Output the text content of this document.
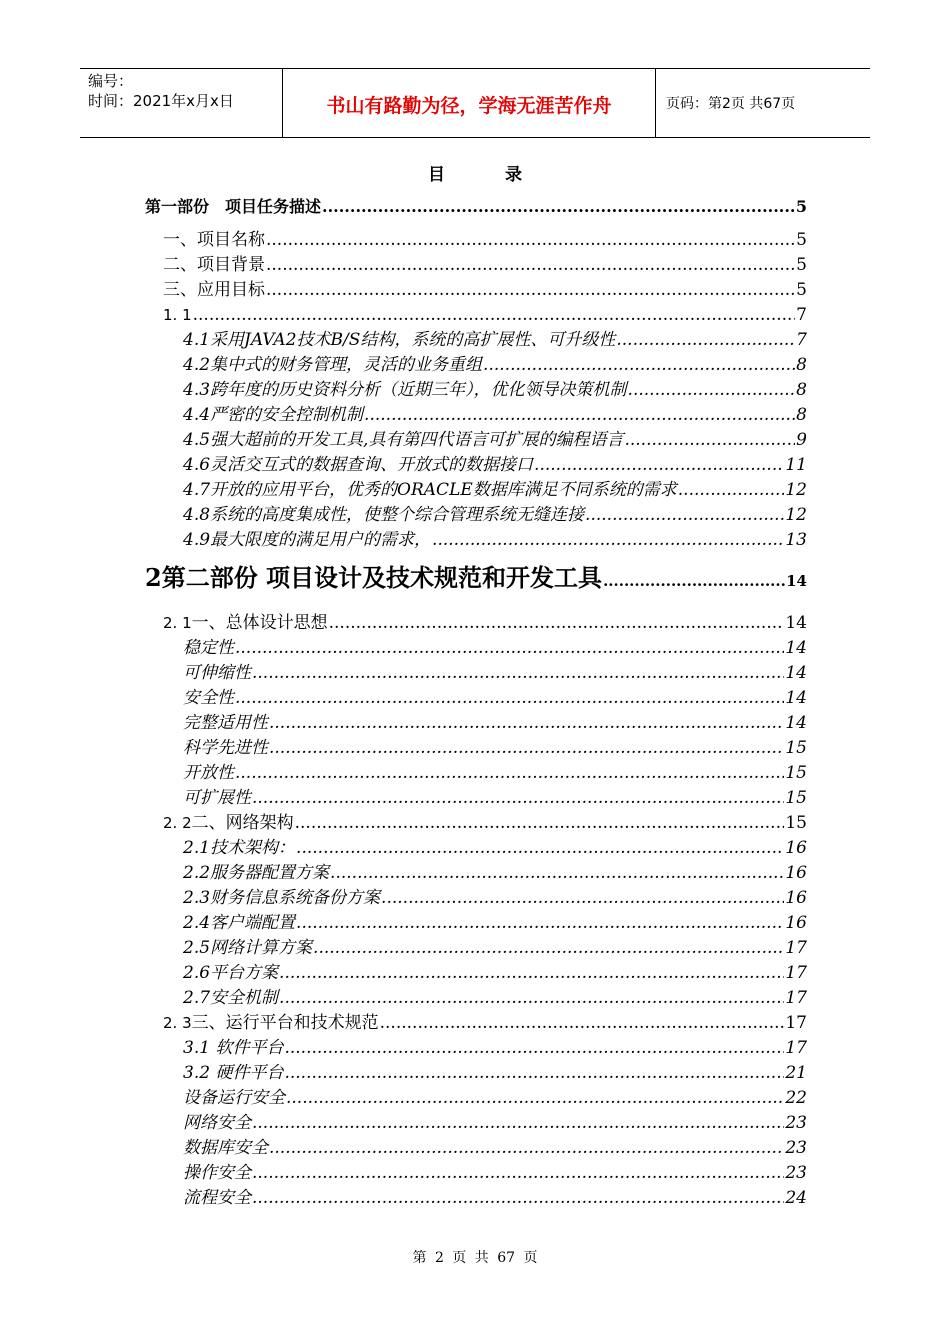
编号：
时间：2021年x月x日	书山有路勤为径，学海无涯苦作舟	页码：第2页 共67页
目录
第一部份　项目任务描述 .....	5
一、项目名称 .....	5
二、项目背景 .....	5
三、应用目标 .....	5
1. 1 .....	7
4.1 采用JAVA2技术B/S结构，系统的高扩展性、可升级性 .....	7
4.2 集中式的财务管理，灵活的业务重组 .....	8
4.3 跨年度的历史资料分析（近期三年），优化领导决策机制 .....	8
4.4 严密的安全控制机制 .....	8
4.5 强大超前的开发工具,具有第四代语言可扩展的编程语言 .....	9
4.6 灵活交互式的数据查询、开放式的数据接口 .....	11
4.7 开放的应用平台，优秀的ORACLE数据库满足不同系统的需求 .....	12
4.8 系统的高度集成性，使整个综合管理系统无缝连接 .....	12
4.9 最大限度的满足用户的需求， .....	13
2 第二部份 项目设计及技术规范和开发工具 .....	14
2. 1 一、总体设计思想 .....	14
稳定性 .....	14
可伸缩性 .....	14
安全性 .....	14
完整适用性 .....	14
科学先进性 .....	15
开放性 .....	15
可扩展性 .....	15
2. 2 二、网络架构 .....	15
2.1 技术架构： .....	16
2.2 服务器配置方案 .....	16
2.3 财务信息系统备份方案 .....	16
2.4 客户端配置 .....	16
2.5 网络计算方案 .....	17
2.6 平台方案 .....	17
2.7 安全机制 .....	17
2. 3 三、运行平台和技术规范 .....	17
3.1 软件平台 .....	17
3.2 硬件平台 .....	21
设备运行安全 .....	22
网络安全 .....	23
数据库安全 .....	23
操作安全 .....	23
流程安全 .....	24
第 2 页 共 67 页
